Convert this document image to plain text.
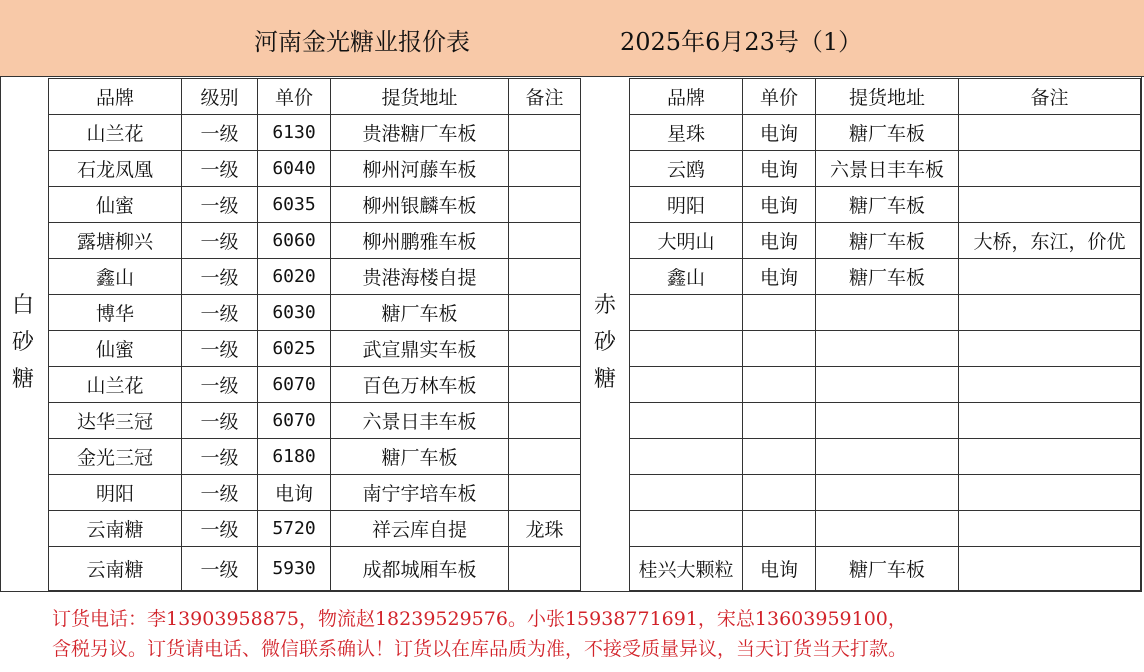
河南金光糖业报价表	2025年6月23号（1）
白
砂
糖
赤
砂
糖
品牌	级别	单价	提货地址	备注
山兰花	一级	6130	贵港糖厂车板	
石龙凤凰	一级	6040	柳州河藤车板	
仙蜜	一级	6035	柳州银麟车板	
露塘柳兴	一级	6060	柳州鹏雅车板	
鑫山	一级	6020	贵港海楼自提	
博华	一级	6030	糖厂车板	
仙蜜	一级	6025	武宣鼎实车板	
山兰花	一级	6070	百色万林车板	
达华三冠	一级	6070	六景日丰车板	
金光三冠	一级	6180	糖厂车板	
明阳	一级	电询	南宁宇培车板	
云南糖	一级	5720	祥云库自提	龙珠
云南糖	一级	5930	成都城厢车板	
品牌	单价	提货地址	备注
星珠	电询	糖厂车板	
云鸥	电询	六景日丰车板	
明阳	电询	糖厂车板	
大明山	电询	糖厂车板	大桥，东江，价优
鑫山	电询	糖厂车板	

桂兴大颗粒	电询	糖厂车板	
订货电话：李13903958875，物流赵18239529576。小张15938771691，宋总13603959100，
含税另议。订货请电话、微信联系确认！订货以在库品质为准，不接受质量异议，当天订货当天打款。
